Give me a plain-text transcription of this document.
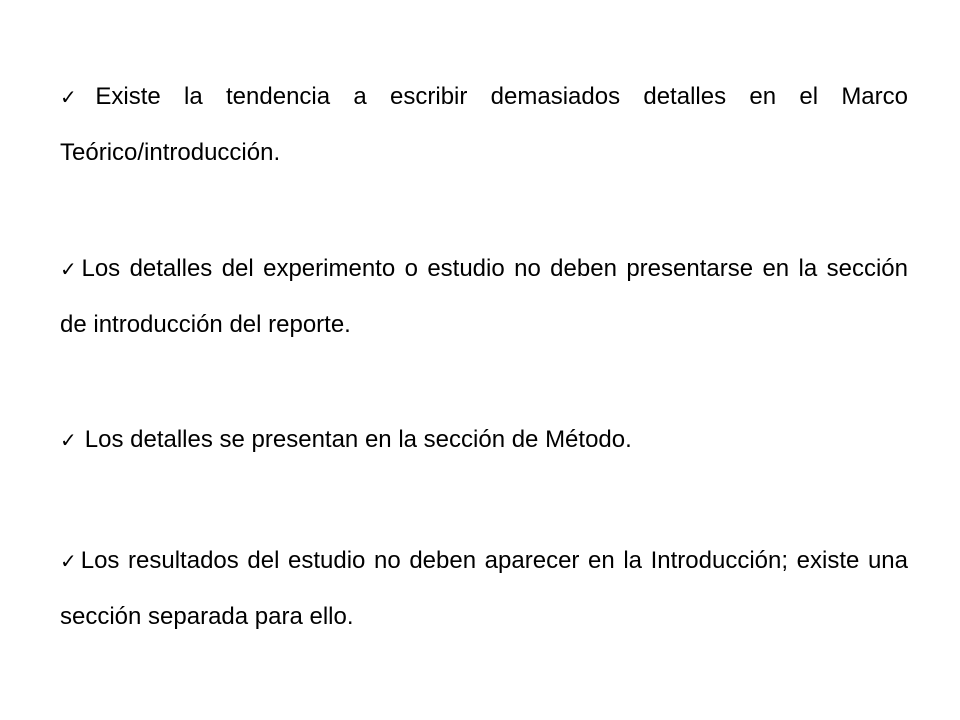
✓Existe la tendencia a escribir demasiados detalles en el Marco Teórico/introducción.
✓Los detalles del experimento o estudio no deben presentarse en la sección de introducción del reporte.
✓ Los detalles se presentan en la sección de Método.
✓Los resultados del estudio no deben aparecer en la Introducción; existe una sección separada para ello.
